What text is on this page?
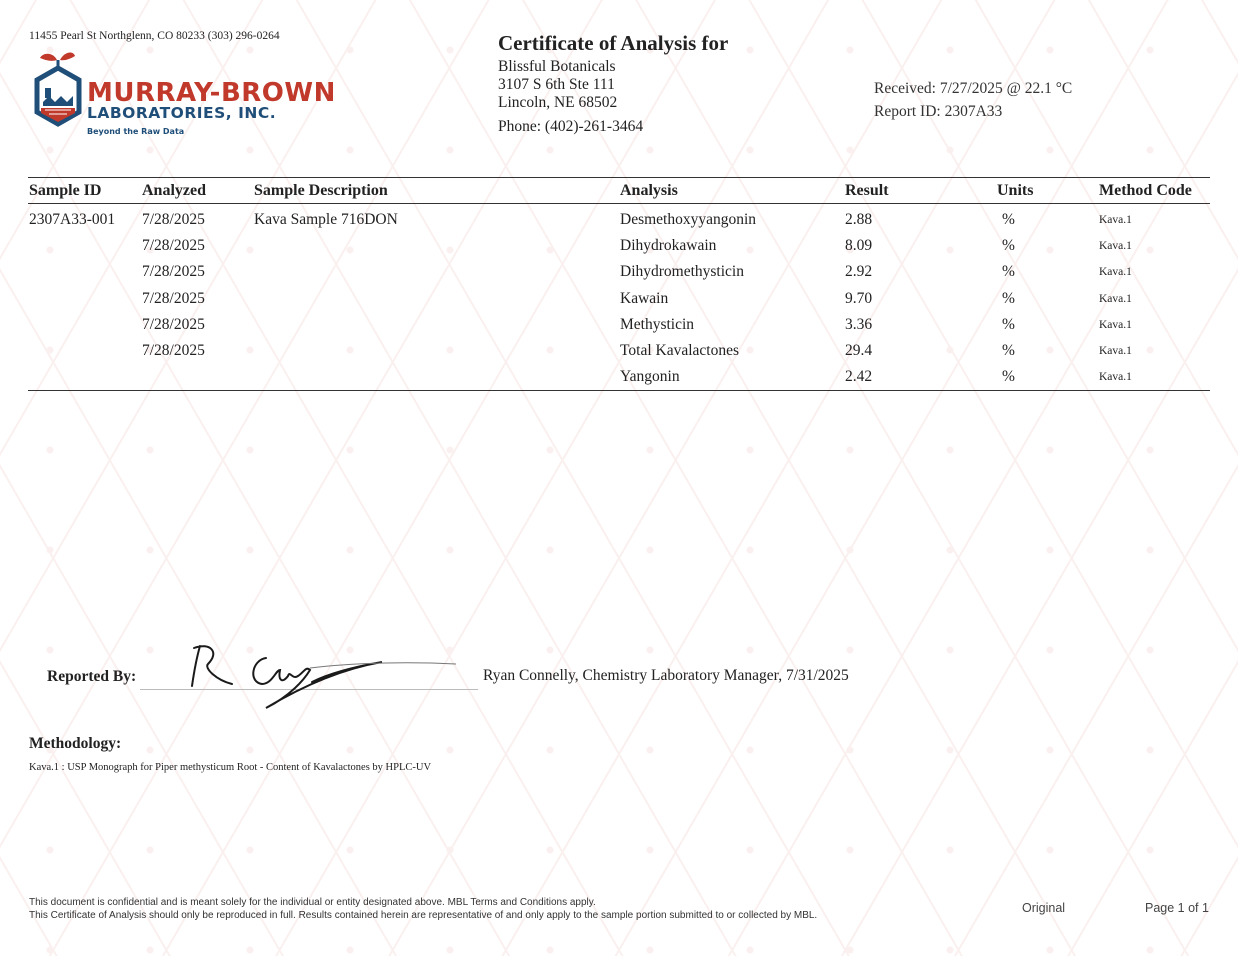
11455 Pearl St Northglenn, CO 80233 (303) 296-0264
MURRAY-BROWN
LABORATORIES, INC.
Beyond the Raw Data
Certificate of Analysis for
Blissful Botanicals
3107 S 6th Ste 111
Lincoln, NE 68502
Phone: (402)-261-3464
Received: 7/27/2025 @ 22.1 °C
Report ID: 2307A33
Sample ID	Analyzed	Sample Description	Analysis	Result	Units	Method Code
2307A33-001	7/28/2025	Kava Sample 716DON	Desmethoxyyangonin	2.88	%	Kava.1
	7/28/2025		Dihydrokawain	8.09	%	Kava.1
	7/28/2025		Dihydromethysticin	2.92	%	Kava.1
	7/28/2025		Kawain	9.70	%	Kava.1
	7/28/2025		Methysticin	3.36	%	Kava.1
	7/28/2025		Total Kavalactones	29.4	%	Kava.1
			Yangonin	2.42	%	Kava.1
Reported By:	Ryan Connelly, Chemistry Laboratory Manager, 7/31/2025
Methodology:
Kava.1 : USP Monograph for Piper methysticum Root - Content of Kavalactones by HPLC-UV
This document is confidential and is meant solely for the individual or entity designated above. MBL Terms and Conditions apply.
This Certificate of Analysis should only be reproduced in full. Results contained herein are representative of and only apply to the sample portion submitted to or collected by MBL.	Original	Page 1 of 1
